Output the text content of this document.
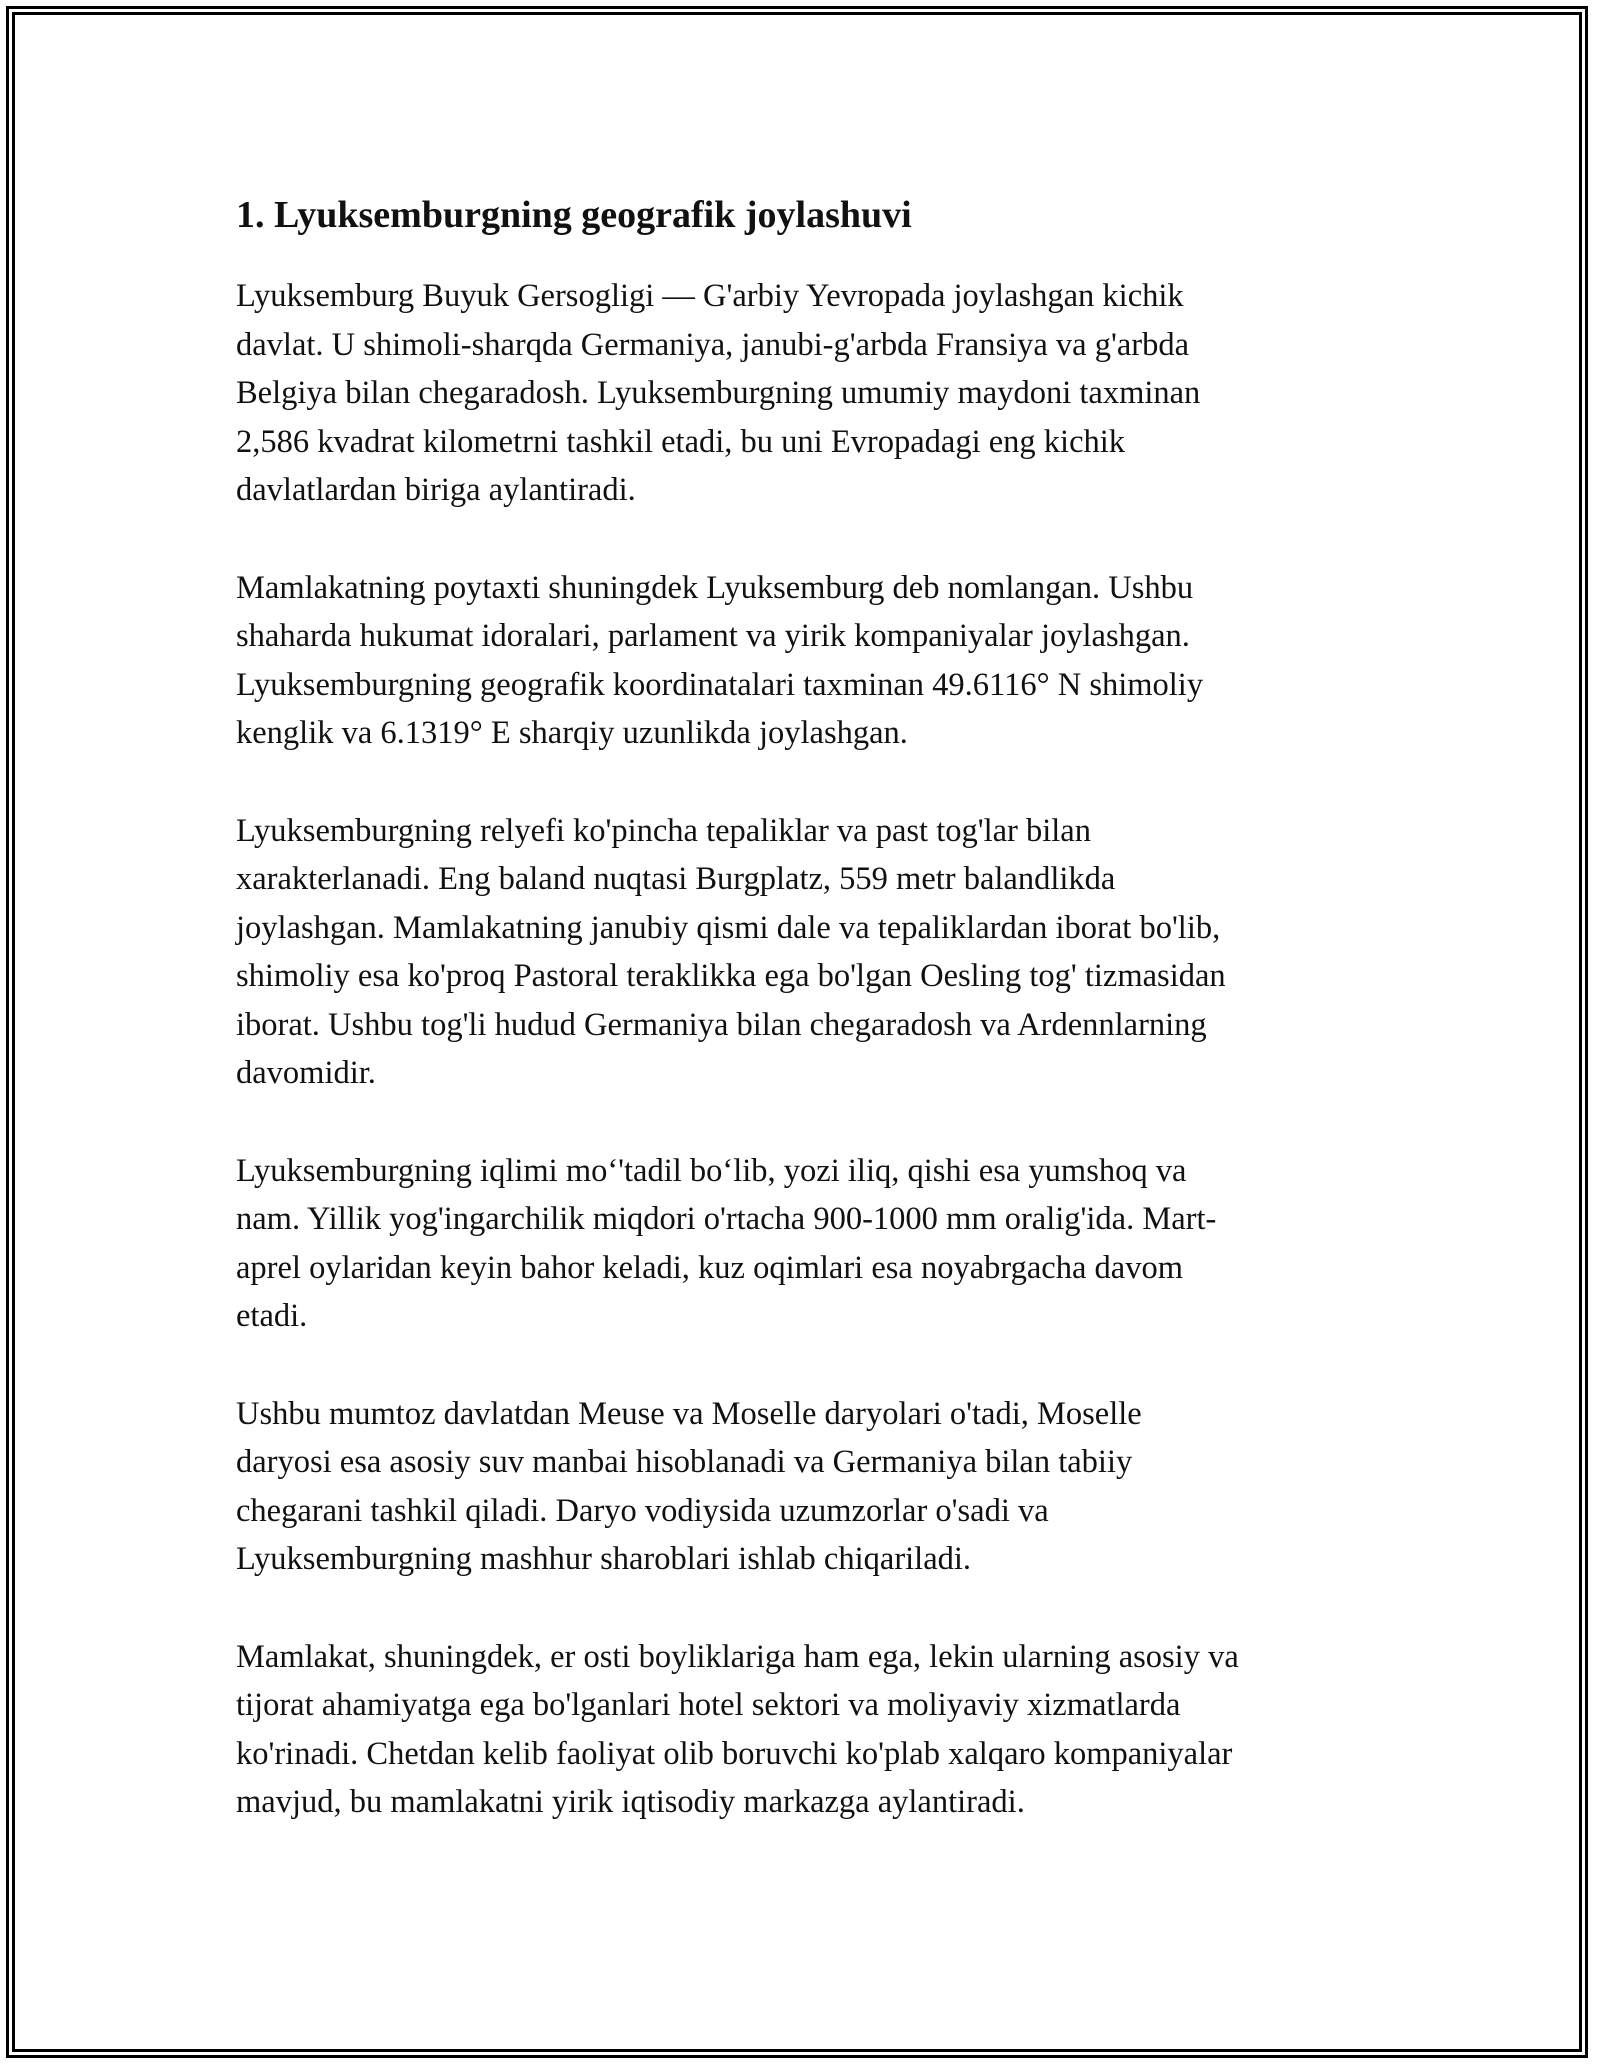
1. Lyuksemburgning geografik joylashuvi

Lyuksemburg Buyuk Gersogligi — G'arbiy Yevropada joylashgan kichik
davlat. U shimoli-sharqda Germaniya, janubi-g'arbda Fransiya va g'arbda
Belgiya bilan chegaradosh. Lyuksemburgning umumiy maydoni taxminan
2,586 kvadrat kilometrni tashkil etadi, bu uni Evropadagi eng kichik
davlatlardan biriga aylantiradi.

Mamlakatning poytaxti shuningdek Lyuksemburg deb nomlangan. Ushbu
shaharda hukumat idoralari, parlament va yirik kompaniyalar joylashgan.
Lyuksemburgning geografik koordinatalari taxminan 49.6116° N shimoliy
kenglik va 6.1319° E sharqiy uzunlikda joylashgan.

Lyuksemburgning relyefi ko'pincha tepaliklar va past tog'lar bilan
xarakterlanadi. Eng baland nuqtasi Burgplatz, 559 metr balandlikda
joylashgan. Mamlakatning janubiy qismi dale va tepaliklardan iborat bo'lib,
shimoliy esa ko'proq Pastoral teraklikka ega bo'lgan Oesling tog' tizmasidan
iborat. Ushbu tog'li hudud Germaniya bilan chegaradosh va Ardennlarning
davomidir.

Lyuksemburgning iqlimi mo‘'tadil bo‘lib, yozi iliq, qishi esa yumshoq va
nam. Yillik yog'ingarchilik miqdori o'rtacha 900-1000 mm oralig'ida. Mart-
aprel oylaridan keyin bahor keladi, kuz oqimlari esa noyabrgacha davom
etadi.

Ushbu mumtoz davlatdan Meuse va Moselle daryolari o'tadi, Moselle
daryosi esa asosiy suv manbai hisoblanadi va Germaniya bilan tabiiy
chegarani tashkil qiladi. Daryo vodiysida uzumzorlar o'sadi va
Lyuksemburgning mashhur sharoblari ishlab chiqariladi.

Mamlakat, shuningdek, er osti boyliklariga ham ega, lekin ularning asosiy va
tijorat ahamiyatga ega bo'lganlari hotel sektori va moliyaviy xizmatlarda
ko'rinadi. Chetdan kelib faoliyat olib boruvchi ko'plab xalqaro kompaniyalar
mavjud, bu mamlakatni yirik iqtisodiy markazga aylantiradi.
